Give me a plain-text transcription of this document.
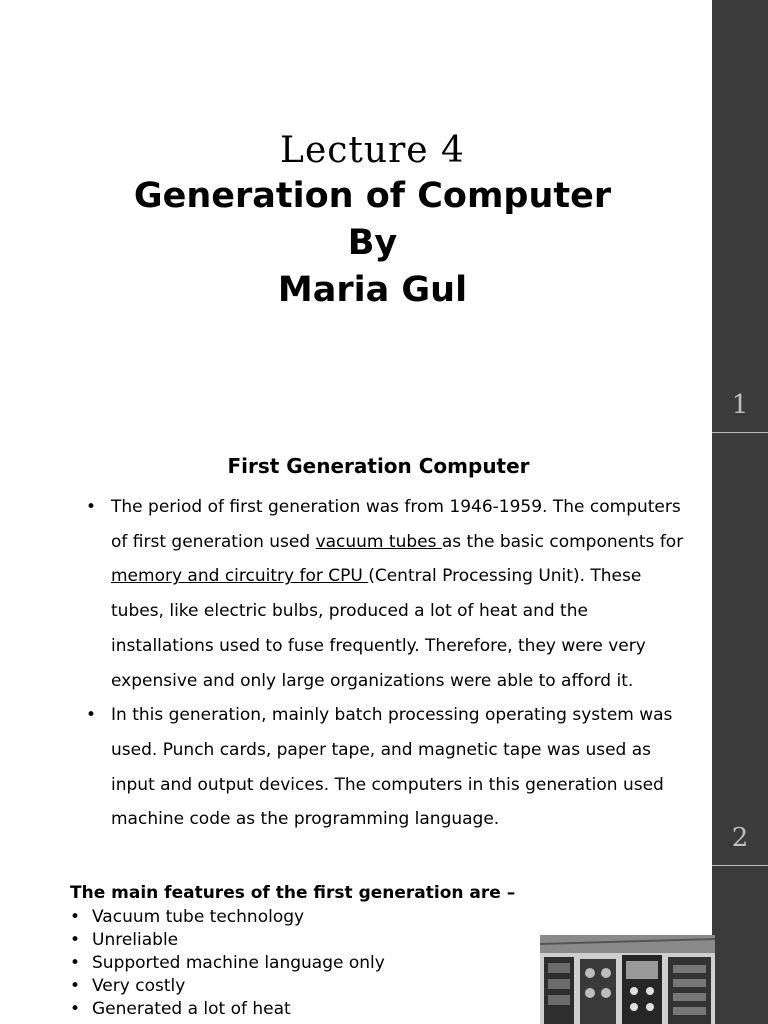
1
2
Lecture 4
Generation of Computer
By
Maria Gul
First Generation Computer
• The period of first generation was from 1946-1959. The computers of first generation used vacuum tubes as the basic components for memory and circuitry for CPU (Central Processing Unit). These tubes, like electric bulbs, produced a lot of heat and the installations used to fuse frequently. Therefore, they were very expensive and only large organizations were able to afford it.
• In this generation, mainly batch processing operating system was used. Punch cards, paper tape, and magnetic tape was used as input and output devices. The computers in this generation used machine code as the programming language.
The main features of the first generation are –
• Vacuum tube technology
• Unreliable
• Supported machine language only
• Very costly
• Generated a lot of heat
